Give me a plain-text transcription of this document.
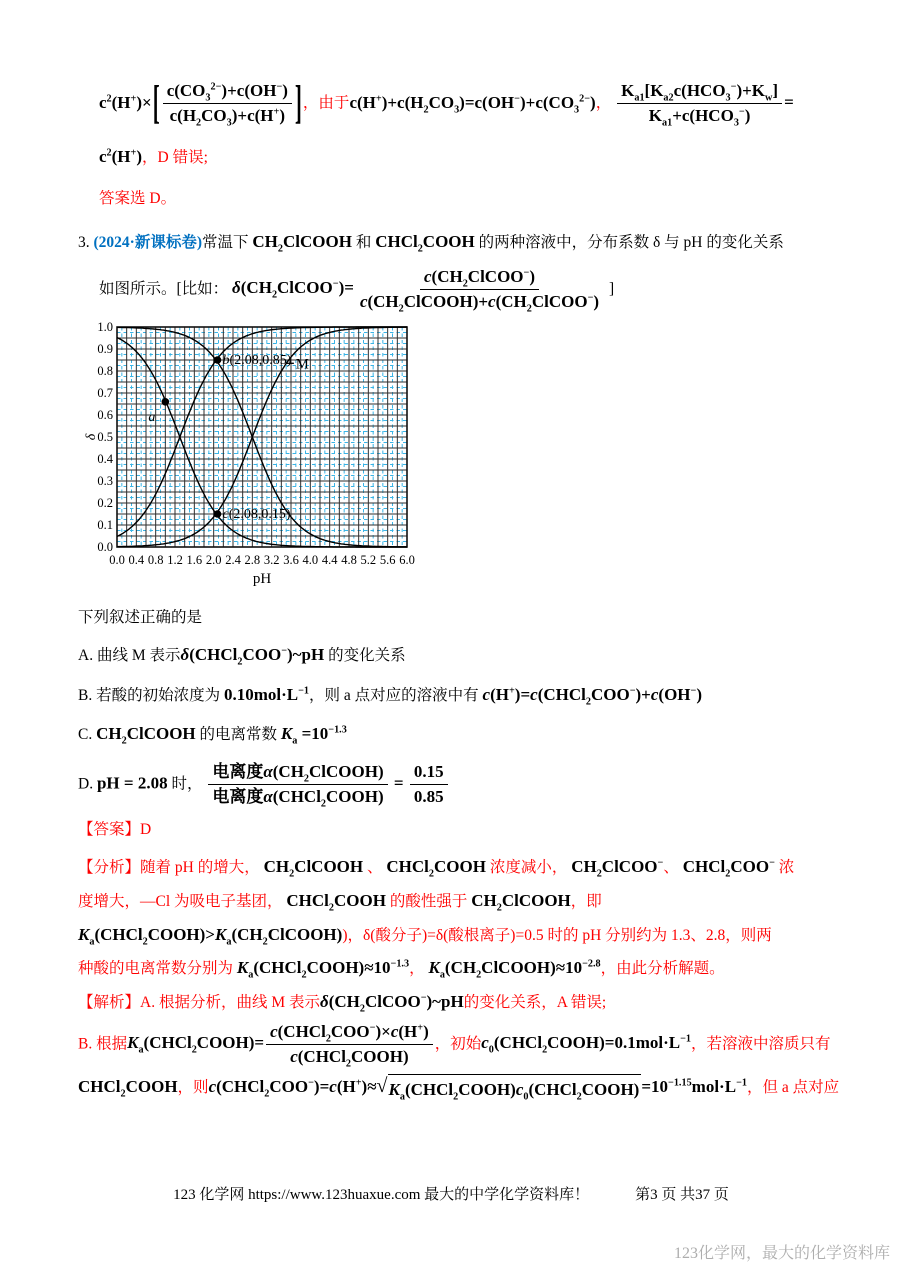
$c^2(H^+)\times[ \frac{c(CO_3^{2-})+c(OH^-)}{c(H_2CO_3)+c(H^+)}$ ]，由于$c(H^+)+c(H_2CO_3)=c(OH^-)+c(CO_3^{2-})$， $\frac{K_{a1}[K_{a2}c(HCO_3^-)+K_w]}{K_{a1}+c(HCO_3^-)}$ =
$c^2(H^+)$，D 错误;
答案选 D。
3. (2024·新课标卷)常温下 $CH_2ClCOOH$ 和 CHCl$_2$COOH 的两种溶液中，分布系数 δ 与 pH 的变化关系
如图所示。[比如： $\delta(CH_2ClCOO^-)= \frac{c(CH_2ClCOO^-)}{c(CH_2ClCOOH)+c(CH_2ClCOO^-)}$ ]
M
a
b(2.08,0.85)
c(2.08,0.15)
0.0 0.4 0.8 1.2 1.6 2.0 2.4 2.8 3.2 3.6 4.0 4.4 4.8 5.2 5.6 6.0
0.0
0.1
0.2
0.3
0.4
0.5
0.6
0.7
0.8
0.9
1.0
pH
δ
下列叙述正确的是
A. 曲线 M 表示δ(CHCl$_2$COO−)~pH 的变化关系
B. 若酸的初始浓度为 $0.10mol\cdot L^{-1}$，则 a 点对应的溶液中有 c(H+)=c(CHCl$_2$COO−)+c(OH−)
C. $CH_2ClCOOH$ 的电离常数 $K_a =10^{-1.3}$
D. pH = 2.08 时， $\frac{电离度\alpha(CH_2ClCOOH)}{电离度\alpha(CHCl_2COOH)} = \frac{0.15}{0.85}$
【答案】D
【分析】随着 pH 的增大， $CH_2ClCOOH$ 、 CHCl$_2$COOH 浓度减小， $CH_2ClCOO^-$、 CHCl$_2$COO− 浓
度增大，—Cl 为吸电子基团， CHCl$_2$COOH 的酸性强于 $CH_2ClCOOH$，即
$K_a(CHCl_2COOH)>K_a(CH_2ClCOOH)$)，δ(酸分子)=δ(酸根离子)=0.5 时的 pH 分别约为 1.3、2.8，则两
种酸的电离常数分别为 $K_a(CHCl_2COOH)\approx 10^{-1.3}$， $K_a(CH_2ClCOOH)\approx 10^{-2.8}$，由此分析解题。
【解析】A. 根据分析，曲线 M 表示$\delta(CH_2ClCOO^-)\sim pH$的变化关系，A 错误;
B. 根据$K_a(CHCl_2COOH)= \frac{c(CHCl_2COO^-)\times c(H^+)}{c(CHCl_2COOH)}$ ，初始$c_0(CHCl_2COOH)=0.1mol\cdot L^{-1}$，若溶液中溶质只有
CHCl$_2$COOH，则c(CHCl$_2$COO−)=c(H+)≈ √ $K_a(CHCl_2COOH)c_0(CHCl_2COOH) =10^{-1.15}mol\cdot L^{-1}$，但 a 点对应
123 化学网 https://www.123huaxue.com 最大的中学化学资料库！	第3 页 共37 页
123化学网，最大的化学资料库
